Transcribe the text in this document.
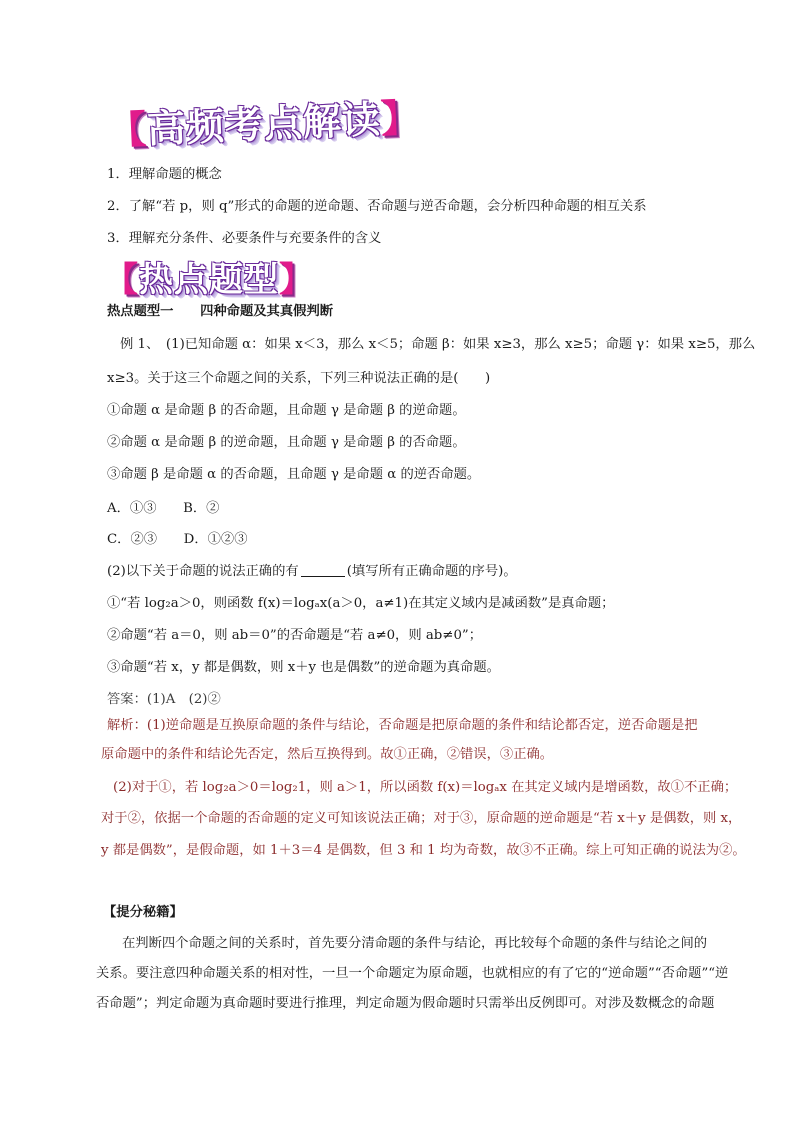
【高频考点解读】
1．理解命题的概念
2．了解“若 p，则 q”形式的命题的逆命题、否命题与逆否命题，会分析四种命题的相互关系
3．理解充分条件、必要条件与充要条件的含义
【热点题型】
热点题型一　　四种命题及其真假判断
例 1、　(1)已知命题 α：如果 x＜3，那么 x＜5；命题 β：如果 x≥3，那么 x≥5；命题 γ：如果 x≥5，那么
x≥3。关于这三个命题之间的关系，下列三种说法正确的是(　　)
①命题 α 是命题 β 的否命题，且命题 γ 是命题 β 的逆命题。
②命题 α 是命题 β 的逆命题，且命题 γ 是命题 β 的否命题。
③命题 β 是命题 α 的否命题，且命题 γ 是命题 α 的逆否命题。
A．①③　　B．②
C．②③　　D．①②③
(2)以下关于命题的说法正确的有	(填写所有正确命题的序号)。
①“若 log₂a＞0，则函数 f(x)＝logₐx(a＞0，a≠1)在其定义域内是减函数”是真命题；
②命题“若 a＝0，则 ab＝0”的否命题是“若 a≠0，则 ab≠0”；
③命题“若 x，y 都是偶数，则 x＋y 也是偶数”的逆命题为真命题。
答案：(1)A　(2)②
解析：(1)逆命题是互换原命题的条件与结论，否命题是把原命题的条件和结论都否定，逆否命题是把
原命题中的条件和结论先否定，然后互换得到。故①正确，②错误，③正确。
(2)对于①，若 log₂a＞0＝log₂1，则 a＞1，所以函数 f(x)＝logₐx 在其定义域内是增函数，故①不正确；
对于②，依据一个命题的否命题的定义可知该说法正确；对于③，原命题的逆命题是“若 x＋y 是偶数，则 x，
y 都是偶数”，是假命题，如 1＋3＝4 是偶数，但 3 和 1 均为奇数，故③不正确。综上可知正确的说法为②。
【提分秘籍】
在判断四个命题之间的关系时，首先要分清命题的条件与结论，再比较每个命题的条件与结论之间的
关系。要注意四种命题关系的相对性，一旦一个命题定为原命题，也就相应的有了它的“逆命题”“否命题”“逆
否命题”；判定命题为真命题时要进行推理，判定命题为假命题时只需举出反例即可。对涉及数概念的命题
